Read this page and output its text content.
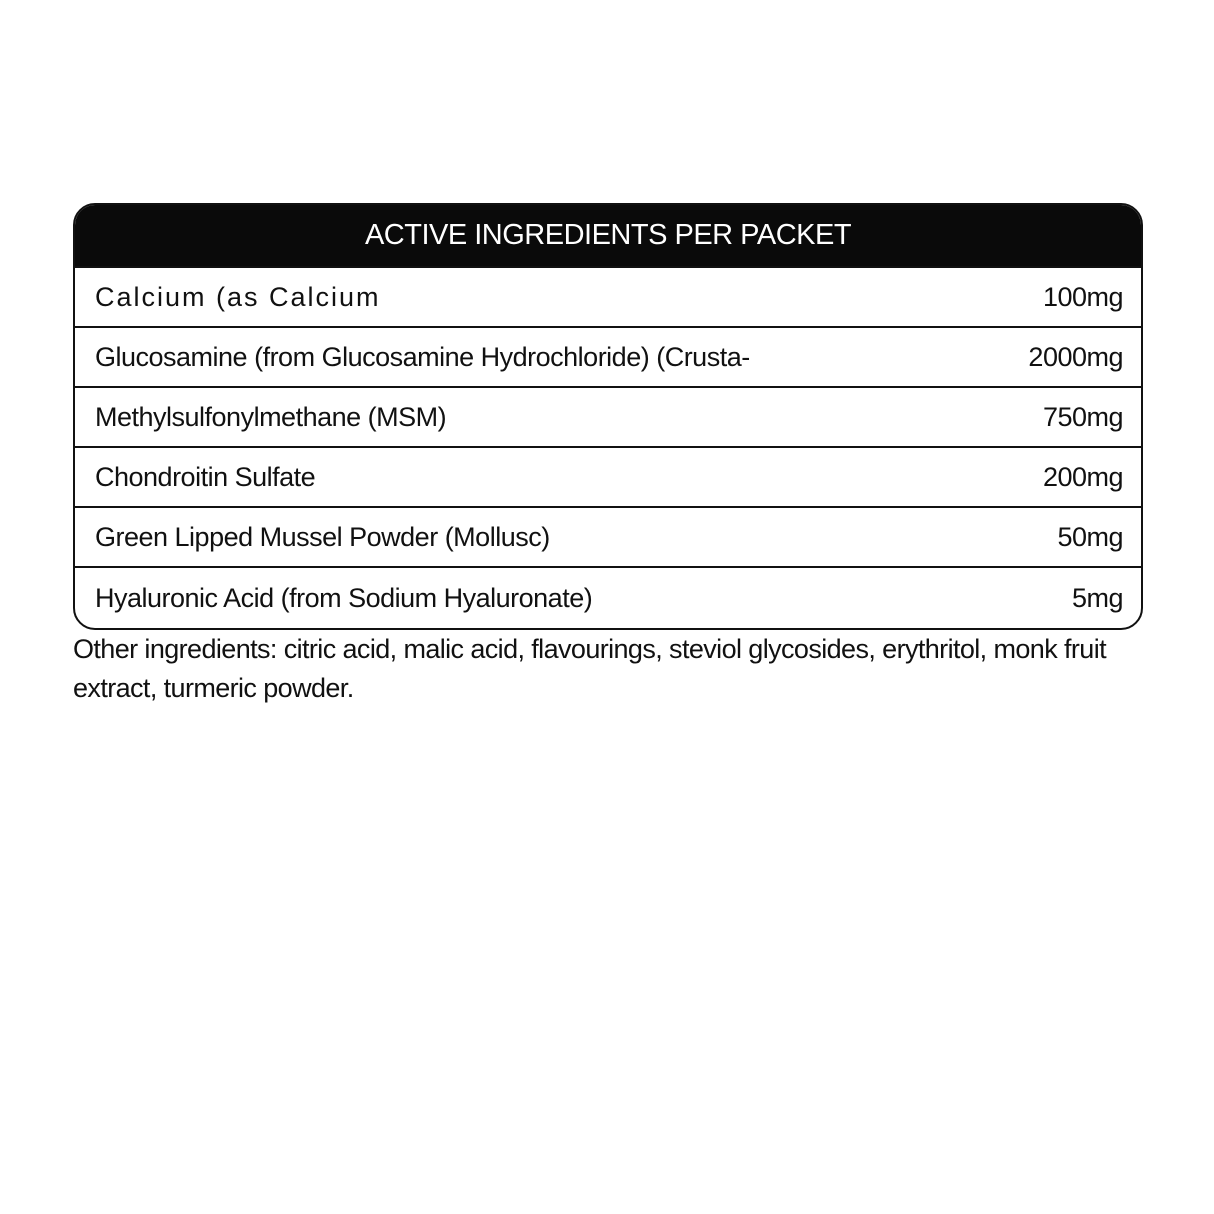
ACTIVE INGREDIENTS PER PACKET
Calcium (as Calcium	100mg
Glucosamine (from Glucosamine Hydrochloride) (Crusta-	2000mg
Methylsulfonylmethane (MSM)	750mg
Chondroitin Sulfate	200mg
Green Lipped Mussel Powder (Mollusc)	50mg
Hyaluronic Acid (from Sodium Hyaluronate)	5mg
Other ingredients: citric acid, malic acid, flavourings, steviol glycosides, erythritol, monk fruit extract, turmeric powder.
